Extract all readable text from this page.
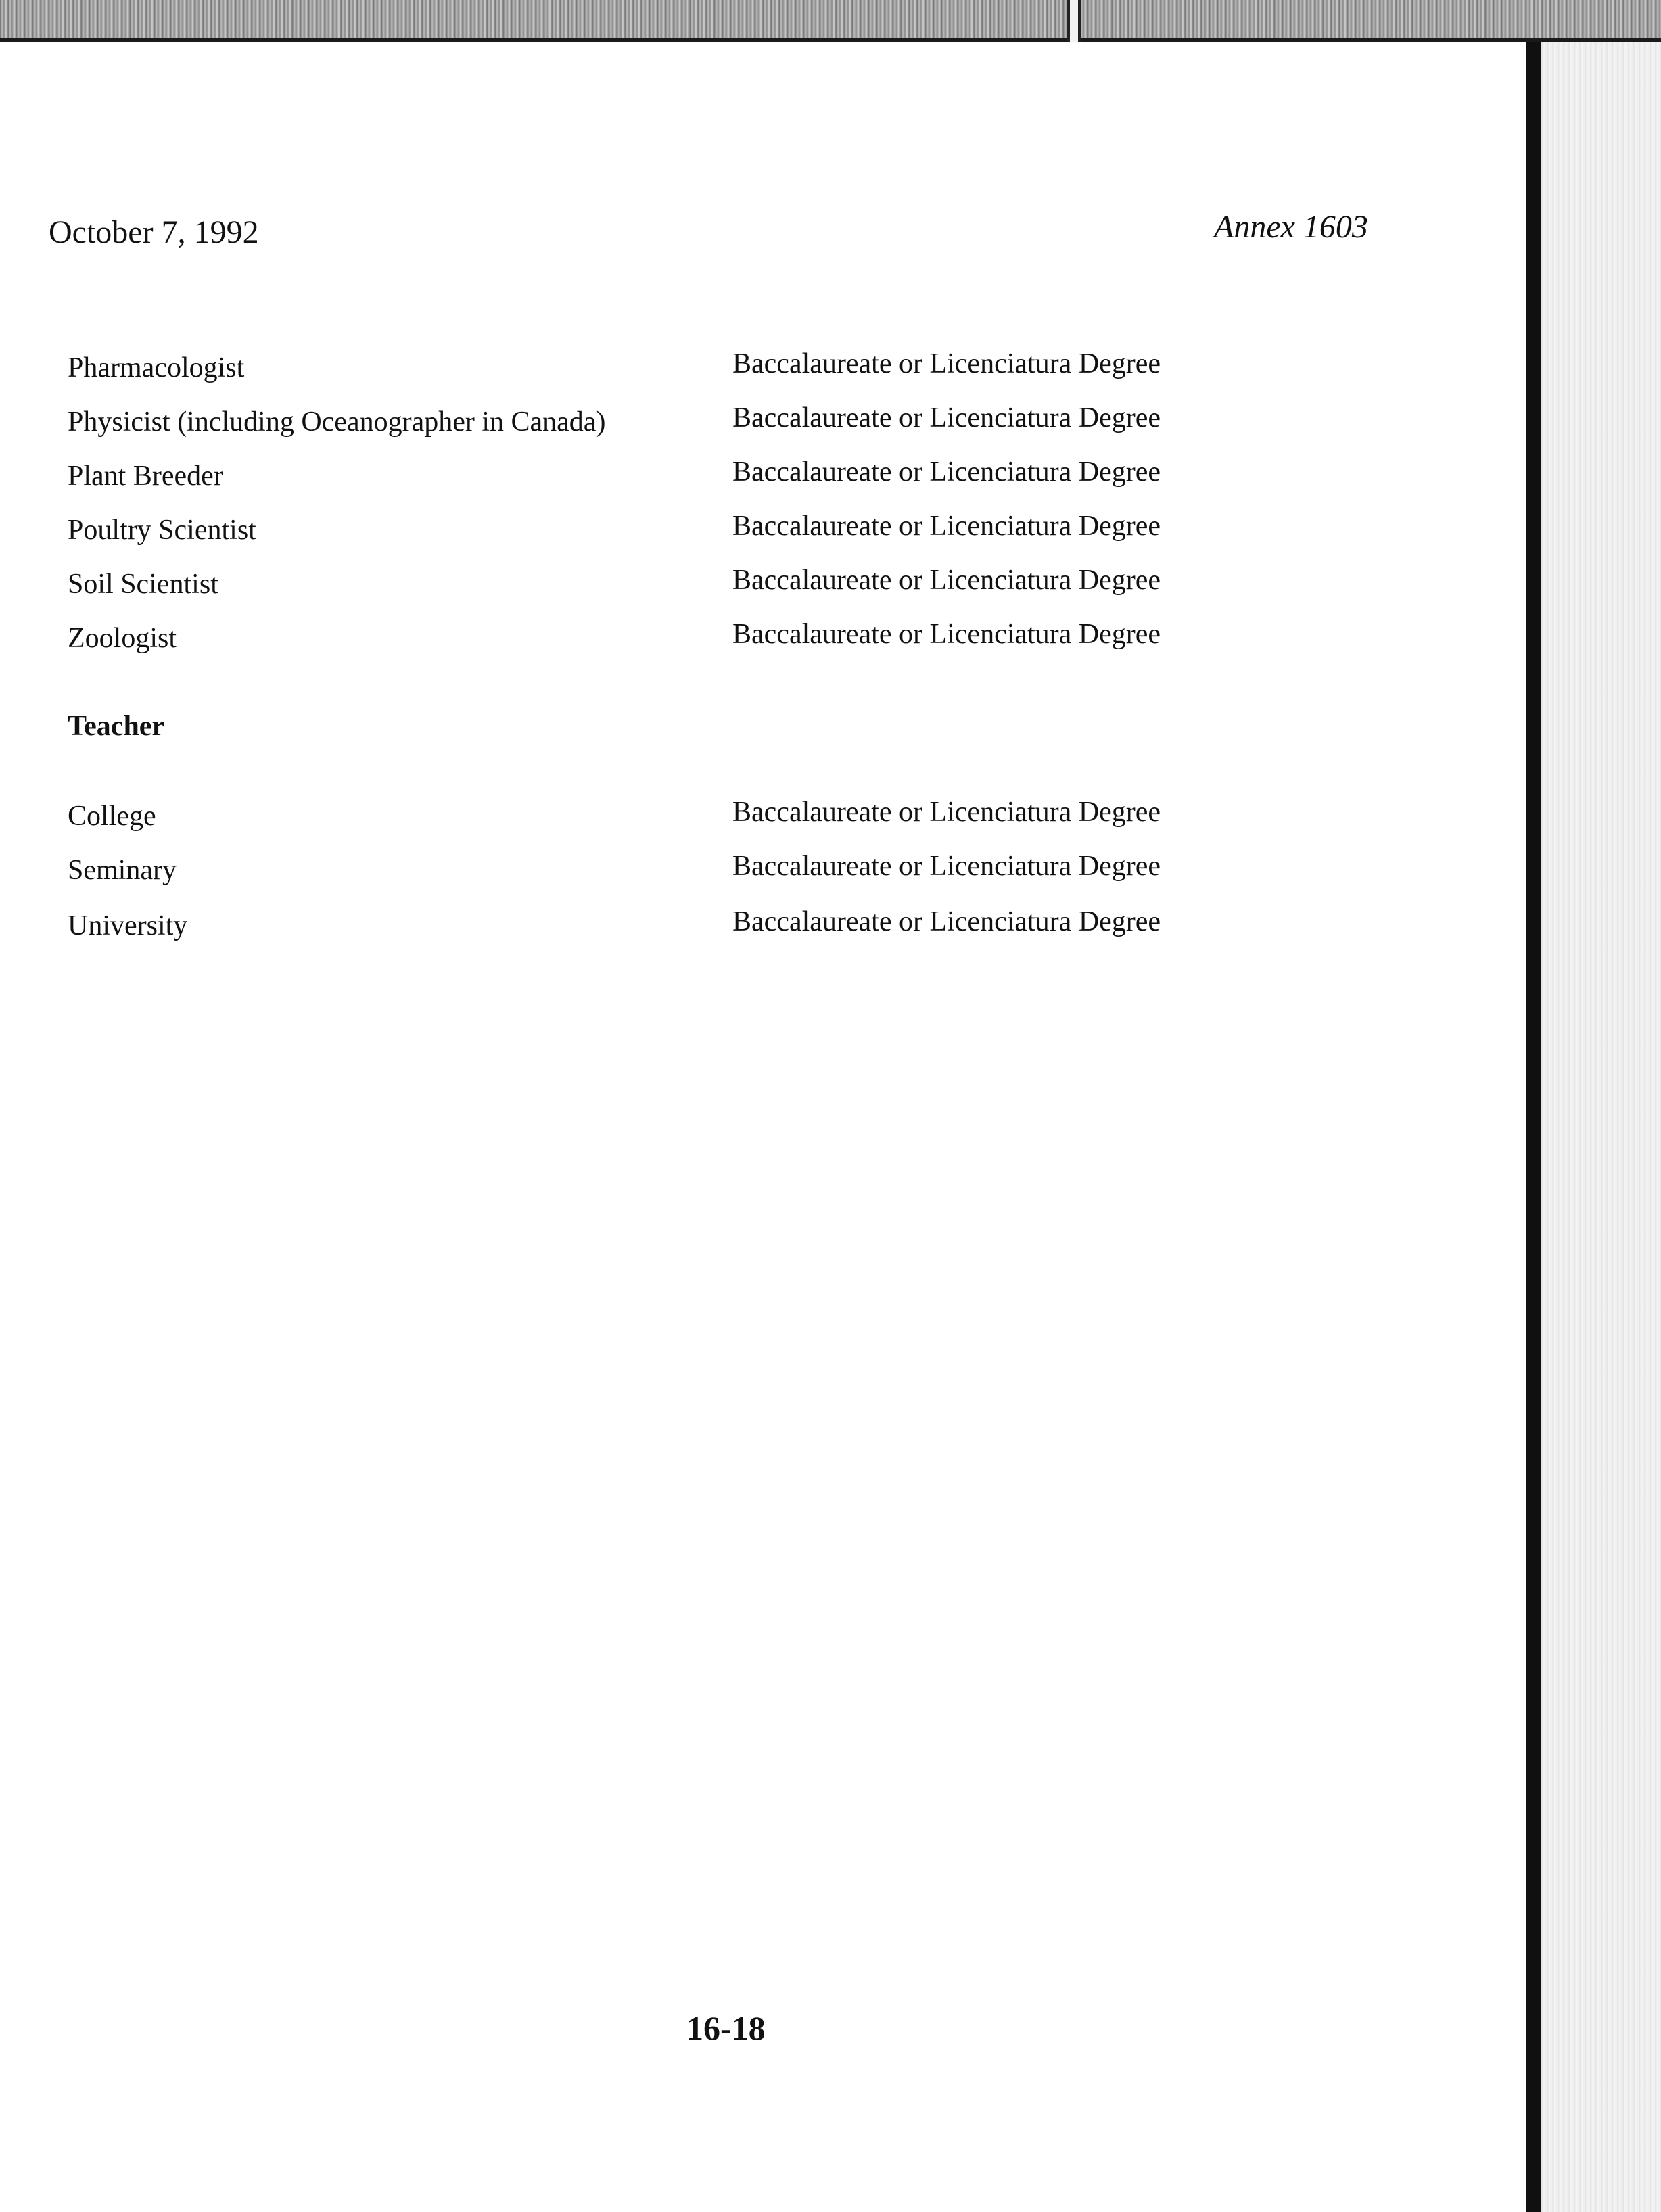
October 7, 1992	Annex 1603
Pharmacologist	Baccalaureate or Licenciatura Degree
Physicist (including Oceanographer in Canada)	Baccalaureate or Licenciatura Degree
Plant Breeder	Baccalaureate or Licenciatura Degree
Poultry Scientist	Baccalaureate or Licenciatura Degree
Soil Scientist	Baccalaureate or Licenciatura Degree
Zoologist	Baccalaureate or Licenciatura Degree
Teacher
College	Baccalaureate or Licenciatura Degree
Seminary	Baccalaureate or Licenciatura Degree
University	Baccalaureate or Licenciatura Degree
16-18
